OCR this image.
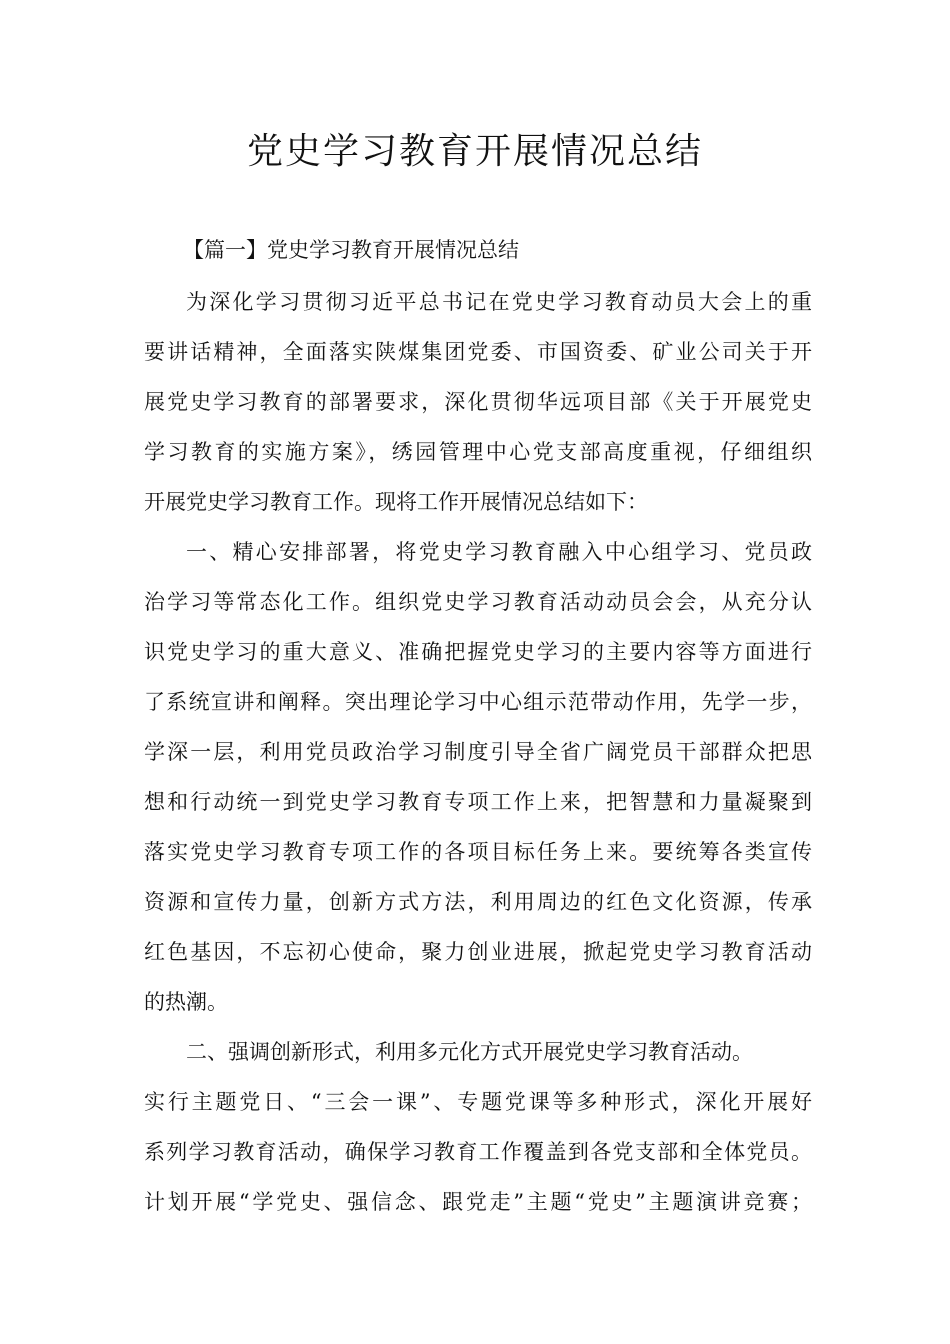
党史学习教育开展情况总结

【篇一】党史学习教育开展情况总结

为深化学习贯彻习近平总书记在党史学习教育动员大会上的重
要讲话精神，全面落实陕煤集团党委、市国资委、矿业公司关于开
展党史学习教育的部署要求，深化贯彻华远项目部《关于开展党史
学习教育的实施方案》，绣园管理中心党支部高度重视，仔细组织
开展党史学习教育工作。现将工作开展情况总结如下：
一、精心安排部署，将党史学习教育融入中心组学习、党员政
治学习等常态化工作。组织党史学习教育活动动员会会，从充分认
识党史学习的重大意义、准确把握党史学习的主要内容等方面进行
了系统宣讲和阐释。突出理论学习中心组示范带动作用，先学一步，
学深一层，利用党员政治学习制度引导全省广阔党员干部群众把思
想和行动统一到党史学习教育专项工作上来，把智慧和力量凝聚到
落实党史学习教育专项工作的各项目标任务上来。要统筹各类宣传
资源和宣传力量，创新方式方法，利用周边的红色文化资源，传承
红色基因，不忘初心使命，聚力创业进展，掀起党史学习教育活动
的热潮。
二、强调创新形式，利用多元化方式开展党史学习教育活动。
实行主题党日、“三会一课”、专题党课等多种形式，深化开展好
系列学习教育活动，确保学习教育工作覆盖到各党支部和全体党员。
计划开展“学党史、强信念、跟党走”主题“党史”主题演讲竞赛；
